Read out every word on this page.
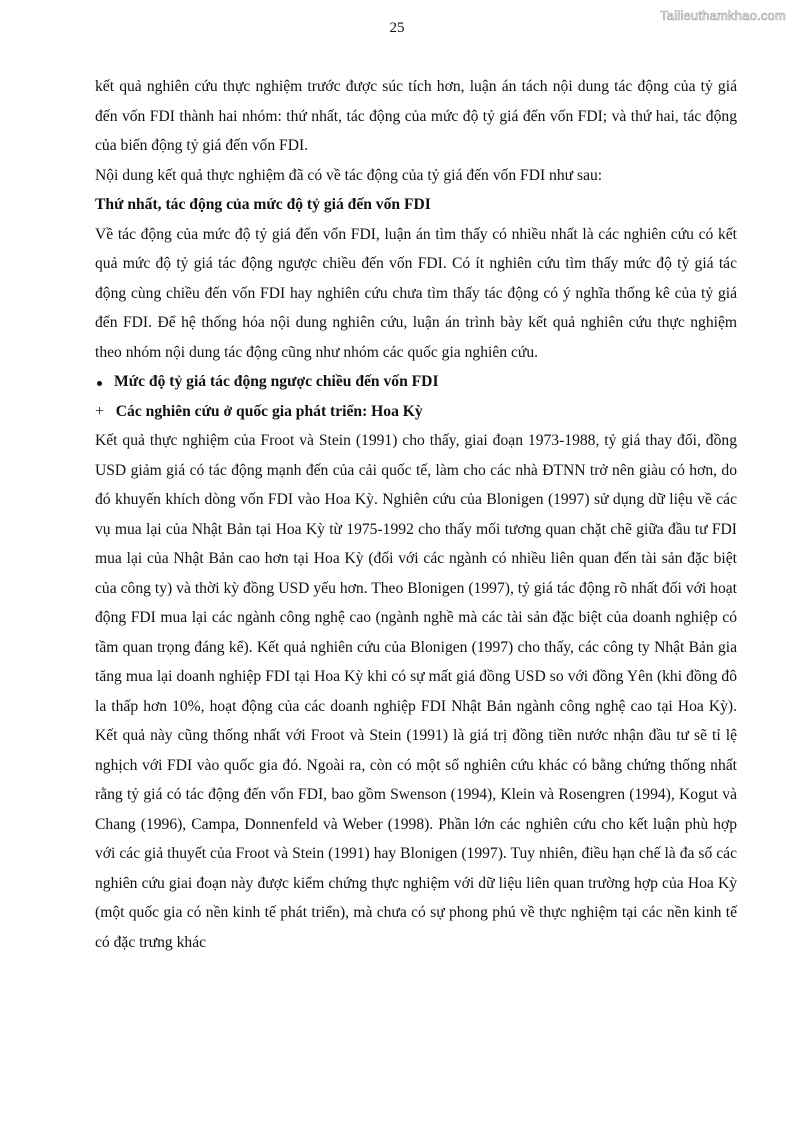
Tailieuthamkhao.com
25

kết quả nghiên cứu thực nghiệm trước được súc tích hơn, luận án tách nội dung tác động của tỷ giá đến vốn FDI thành hai nhóm: thứ nhất, tác động của mức độ tỷ giá đến vốn FDI; và thứ hai, tác động của biến động tỷ giá đến vốn FDI.

Nội dung kết quả thực nghiệm đã có về tác động của tỷ giá đến vốn FDI như sau:

Thứ nhất, tác động của mức độ tỷ giá đến vốn FDI

Về tác động của mức độ tỷ giá đến vốn FDI, luận án tìm thấy có nhiều nhất là các nghiên cứu có kết quả mức độ tỷ giá tác động ngược chiều đến vốn FDI. Có ít nghiên cứu tìm thấy mức độ tỷ giá tác động cùng chiều đến vốn FDI hay nghiên cứu chưa tìm thấy tác động có ý nghĩa thống kê của tỷ giá đến FDI. Để hệ thống hóa nội dung nghiên cứu, luận án trình bày kết quả nghiên cứu thực nghiệm theo nhóm nội dung tác động cũng như nhóm các quốc gia nghiên cứu.

Mức độ tỷ giá tác động ngược chiều đến vốn FDI

+ Các nghiên cứu ở quốc gia phát triển: Hoa Kỳ

Kết quả thực nghiệm của Froot và Stein (1991) cho thấy, giai đoạn 1973-1988, tỷ giá thay đổi, đồng USD giảm giá có tác động mạnh đến của cải quốc tế, làm cho các nhà ĐTNN trở nên giàu có hơn, do đó khuyến khích dòng vốn FDI vào Hoa Kỳ. Nghiên cứu của Blonigen (1997) sử dụng dữ liệu về các vụ mua lại của Nhật Bản tại Hoa Kỳ từ 1975-1992 cho thấy mối tương quan chặt chẽ giữa đầu tư FDI mua lại của Nhật Bản cao hơn tại Hoa Kỳ (đối với các ngành có nhiều liên quan đến tài sản đặc biệt của công ty) và thời kỳ đồng USD yếu hơn. Theo Blonigen (1997), tỷ giá tác động rõ nhất đối với hoạt động FDI mua lại các ngành công nghệ cao (ngành nghề mà các tài sản đặc biệt của doanh nghiệp có tầm quan trọng đáng kể). Kết quả nghiên cứu của Blonigen (1997) cho thấy, các công ty Nhật Bản gia tăng mua lại doanh nghiệp FDI tại Hoa Kỳ khi có sự mất giá đồng USD so với đồng Yên (khi đồng đô la thấp hơn 10%, hoạt động của các doanh nghiệp FDI Nhật Bản ngành công nghệ cao tại Hoa Kỳ). Kết quả này cũng thống nhất với Froot và Stein (1991) là giá trị đồng tiền nước nhận đầu tư sẽ tỉ lệ nghịch với FDI vào quốc gia đó. Ngoài ra, còn có một số nghiên cứu khác có bằng chứng thống nhất rằng tỷ giá có tác động đến vốn FDI, bao gồm Swenson (1994), Klein và Rosengren (1994), Kogut và Chang (1996), Campa, Donnenfeld và Weber (1998). Phần lớn các nghiên cứu cho kết luận phù hợp với các giả thuyết của Froot và Stein (1991) hay Blonigen (1997). Tuy nhiên, điều hạn chế là đa số các nghiên cứu giai đoạn này được kiểm chứng thực nghiệm với dữ liệu liên quan trường hợp của Hoa Kỳ (một quốc gia có nền kinh tế phát triển), mà chưa có sự phong phú về thực nghiệm tại các nền kinh tế có đặc trưng khác
